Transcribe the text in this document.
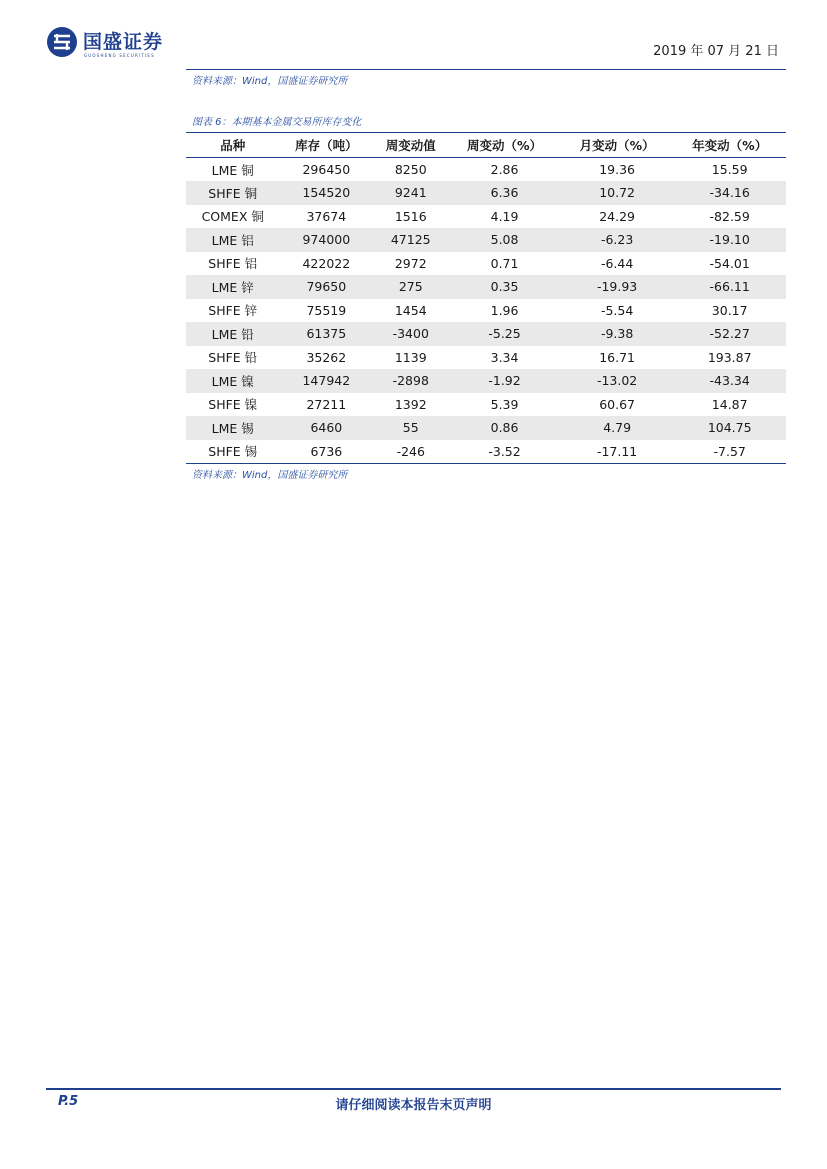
国盛证券
GUOSHENG SECURITIES	2019 年 07 月 21 日
资料来源：Wind，国盛证券研究所
图表 6：本期基本金属交易所库存变化
品种	库存（吨）	周变动值	周变动（%）	月变动（%）	年变动（%）
LME 铜	296450	8250	2.86	19.36	15.59
SHFE 铜	154520	9241	6.36	10.72	-34.16
COMEX 铜	37674	1516	4.19	24.29	-82.59
LME 铝	974000	47125	5.08	-6.23	-19.10
SHFE 铝	422022	2972	0.71	-6.44	-54.01
LME 锌	79650	275	0.35	-19.93	-66.11
SHFE 锌	75519	1454	1.96	-5.54	30.17
LME 铅	61375	-3400	-5.25	-9.38	-52.27
SHFE 铅	35262	1139	3.34	16.71	193.87
LME 镍	147942	-2898	-1.92	-13.02	-43.34
SHFE 镍	27211	1392	5.39	60.67	14.87
LME 锡	6460	55	0.86	4.79	104.75
SHFE 锡	6736	-246	-3.52	-17.11	-7.57
资料来源：Wind，国盛证券研究所
P.5	请仔细阅读本报告末页声明
